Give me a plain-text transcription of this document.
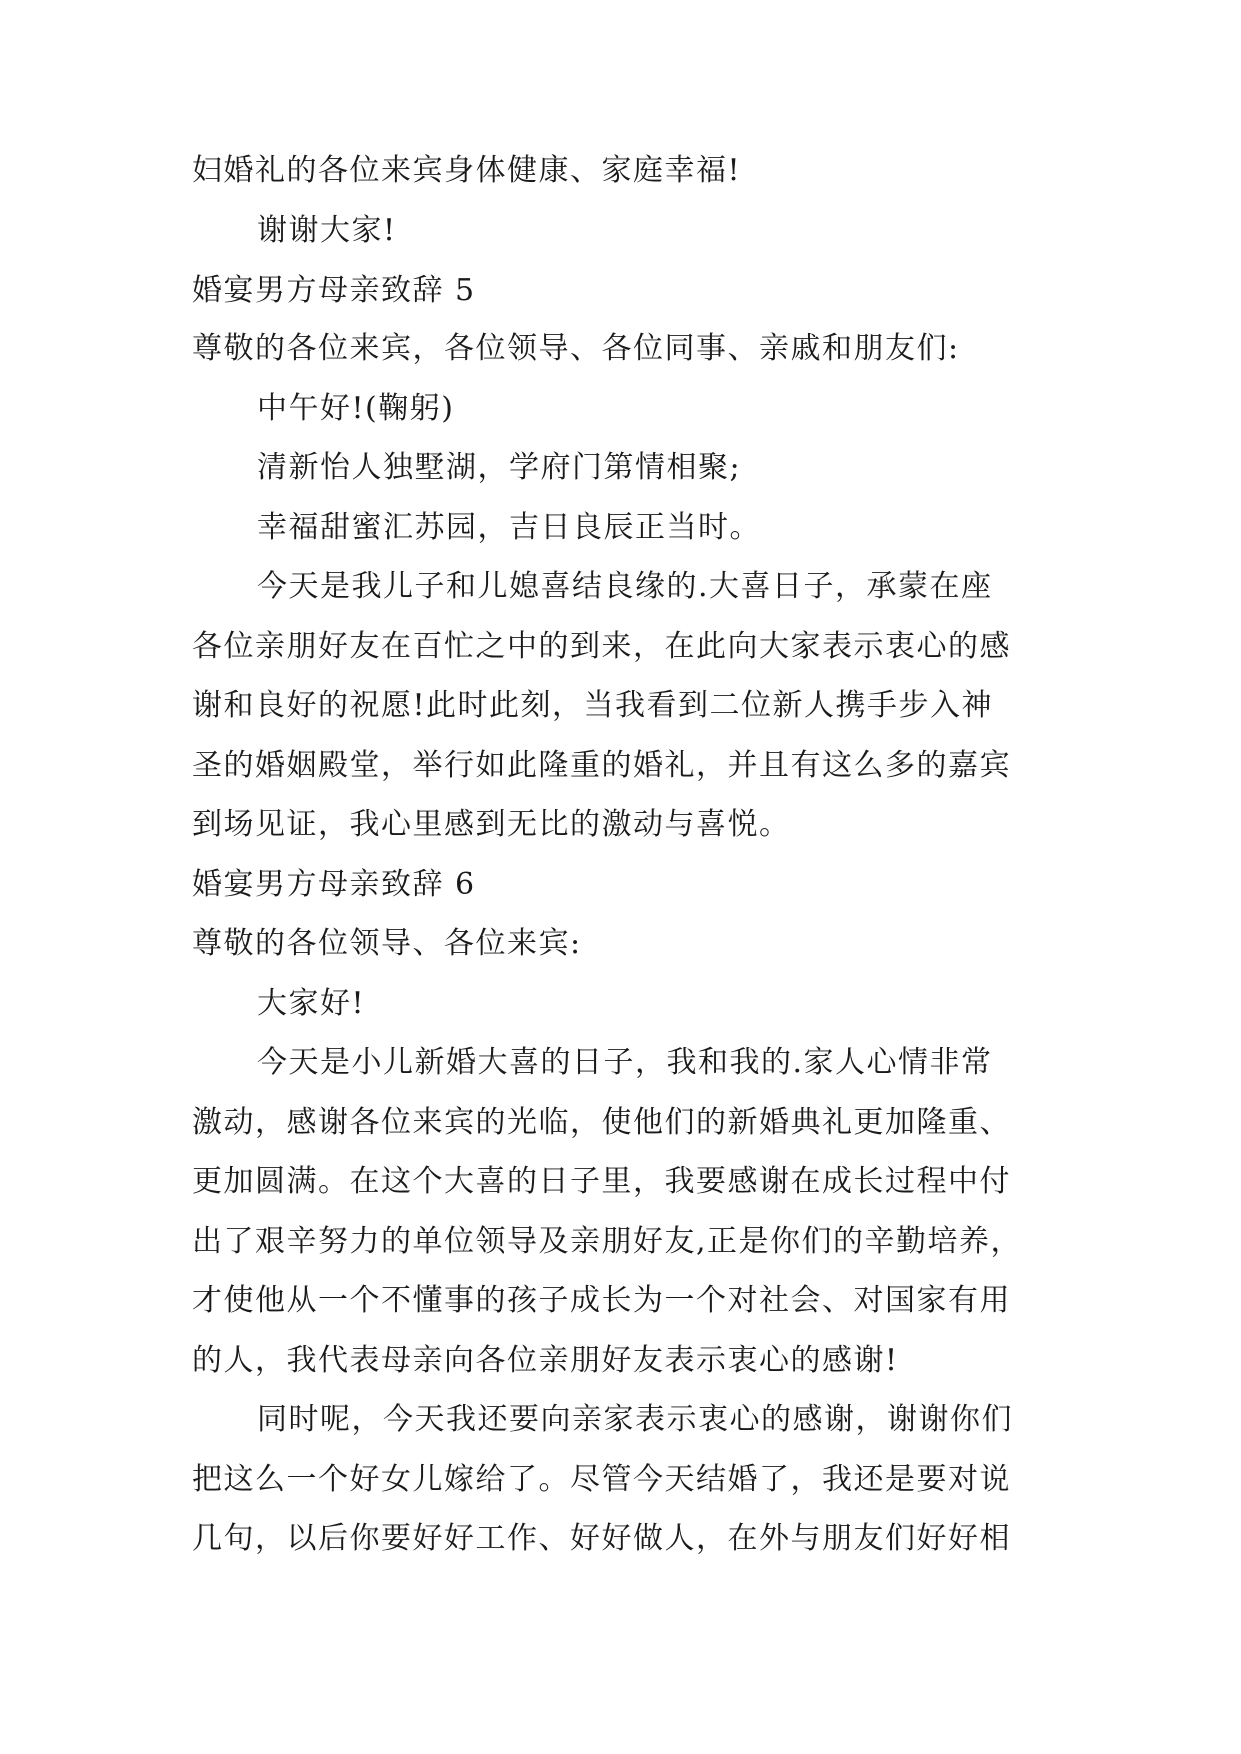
妇婚礼的各位来宾身体健康、家庭幸福!
谢谢大家!
婚宴男方母亲致辞 5
尊敬的各位来宾，各位领导、各位同事、亲戚和朋友们:
中午好!(鞠躬)
清新怡人独墅湖，学府门第情相聚;
幸福甜蜜汇苏园，吉日良辰正当时。
今天是我儿子和儿媳喜结良缘的.大喜日子，承蒙在座
各位亲朋好友在百忙之中的到来，在此向大家表示衷心的感
谢和良好的祝愿!此时此刻，当我看到二位新人携手步入神
圣的婚姻殿堂，举行如此隆重的婚礼，并且有这么多的嘉宾
到场见证，我心里感到无比的激动与喜悦。
婚宴男方母亲致辞 6
尊敬的各位领导、各位来宾:
大家好!
今天是小儿新婚大喜的日子，我和我的.家人心情非常
激动，感谢各位来宾的光临，使他们的新婚典礼更加隆重、
更加圆满。在这个大喜的日子里，我要感谢在成长过程中付
出了艰辛努力的单位领导及亲朋好友,正是你们的辛勤培养，
才使他从一个不懂事的孩子成长为一个对社会、对国家有用
的人，我代表母亲向各位亲朋好友表示衷心的感谢!
同时呢，今天我还要向亲家表示衷心的感谢，谢谢你们
把这么一个好女儿嫁给了。尽管今天结婚了，我还是要对说
几句，以后你要好好工作、好好做人，在外与朋友们好好相
